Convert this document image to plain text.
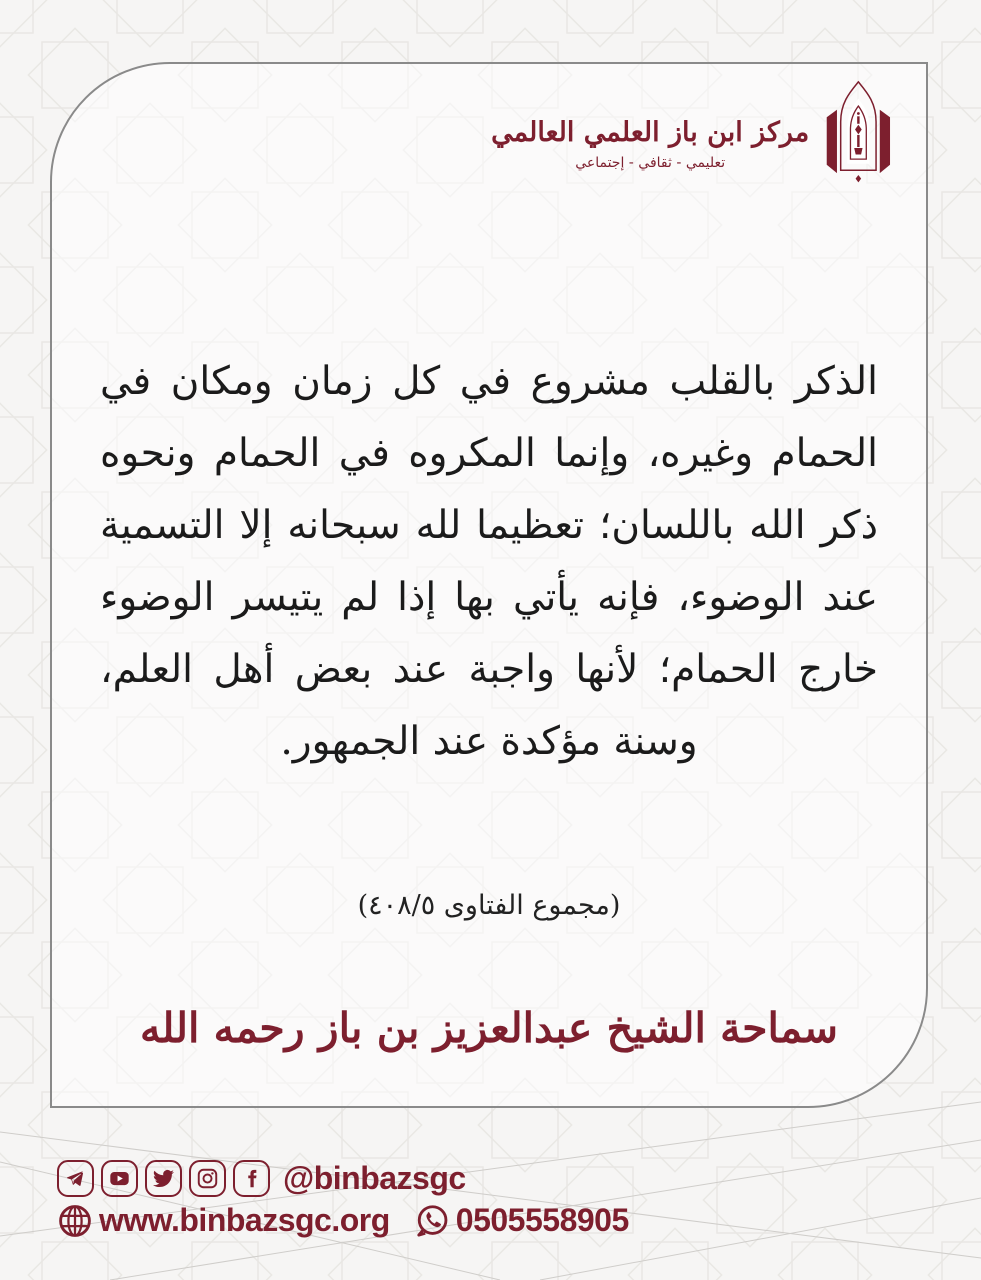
مركز ابن باز العلمي العالمي
تعليمي - ثقافي - إجتماعي
الذكر بالقلب مشروع في كل زمان ومكان في الحمام وغيره، وإنما المكروه في الحمام ونحوه ذكر الله باللسان؛ تعظيما لله سبحانه إلا التسمية عند الوضوء، فإنه يأتي بها إذا لم يتيسر الوضوء خارج الحمام؛ لأنها واجبة عند بعض أهل العلم، وسنة مؤكدة عند الجمهور.
(مجموع الفتاوى ٤٠٨/٥)
سماحة الشيخ عبدالعزيز بن باز رحمه الله
@binbazsgc
www.binbazsgc.org 0505558905
